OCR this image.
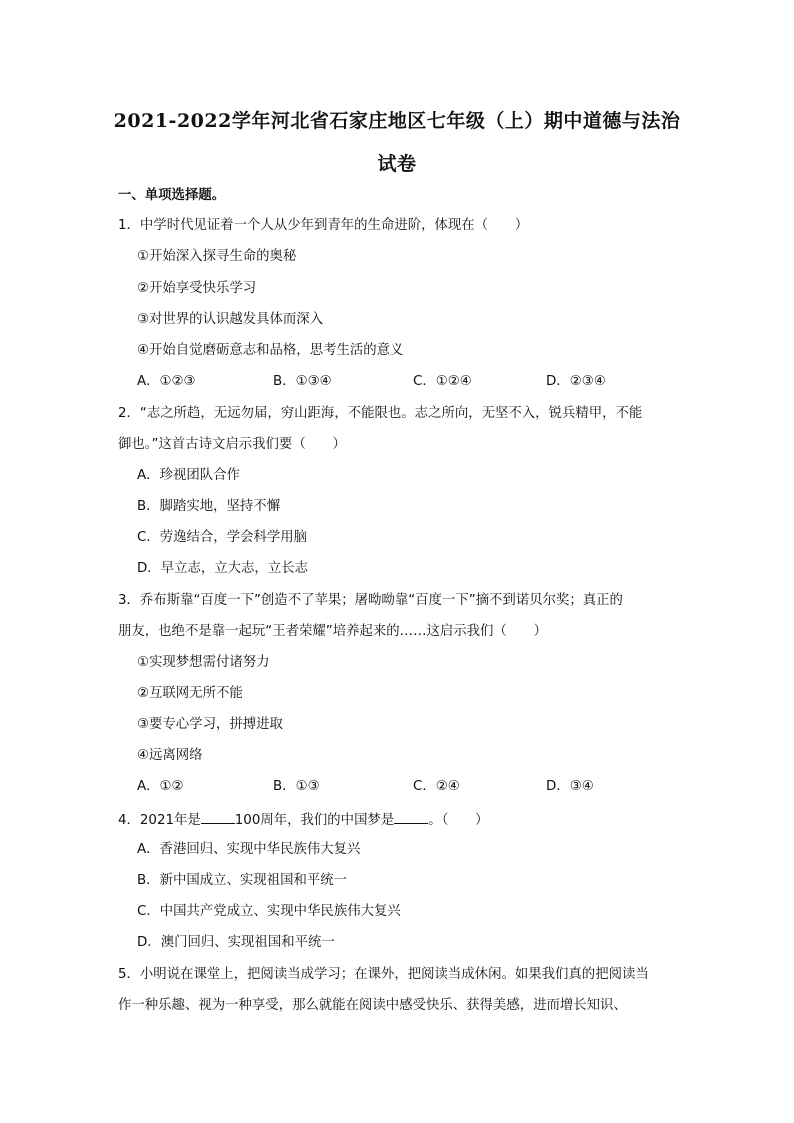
2021-2022学年河北省石家庄地区七年级（上）期中道德与法治
试卷
一、单项选择题。
1．中学时代见证着一个人从少年到青年的生命进阶，体现在（　　）
①开始深入探寻生命的奥秘
②开始享受快乐学习
③对世界的认识越发具体而深入
④开始自觉磨砺意志和品格，思考生活的意义
A．①②③	B．①③④	C．①②④	D．②③④
2．“志之所趋，无远勿届，穷山距海，不能限也。志之所向，无坚不入，锐兵精甲，不能
御也。”这首古诗文启示我们要（　　）
A．珍视团队合作
B．脚踏实地，坚持不懈
C．劳逸结合，学会科学用脑
D．早立志，立大志，立长志
3．乔布斯靠“百度一下”创造不了苹果；屠呦呦靠“百度一下”摘不到诺贝尔奖；真正的
朋友，也绝不是靠一起玩“王者荣耀”培养起来的……这启示我们（　　）
①实现梦想需付诸努力
②互联网无所不能
③要专心学习，拼搏进取
④远离网络
A．①②	B．①③	C．②④	D．③④
4．2021年是	100周年，我们的中国梦是	。（　　）
A．香港回归、实现中华民族伟大复兴
B．新中国成立、实现祖国和平统一
C．中国共产党成立、实现中华民族伟大复兴
D．澳门回归、实现祖国和平统一
5．小明说在课堂上，把阅读当成学习；在课外，把阅读当成休闲。如果我们真的把阅读当
作一种乐趣、视为一种享受，那么就能在阅读中感受快乐、获得美感，进而增长知识、
